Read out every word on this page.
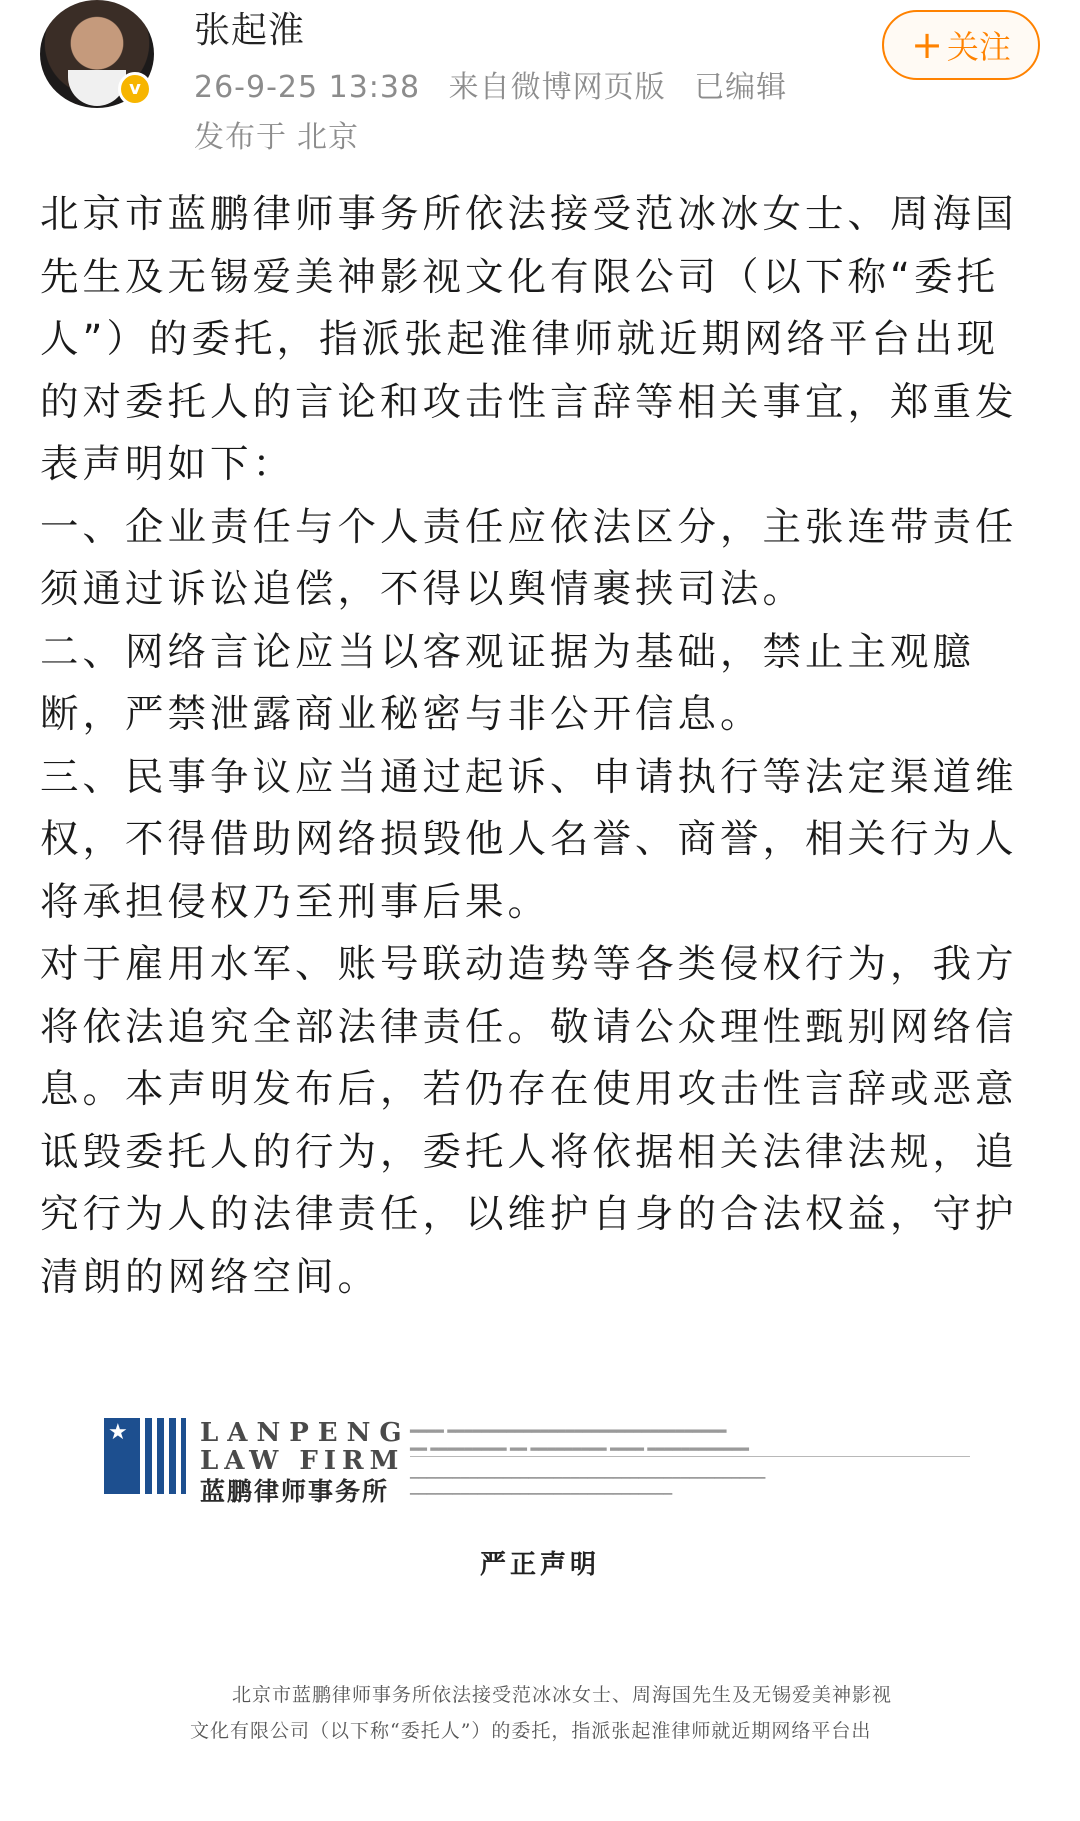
v
张起淮
26-9-25 13:38 来自微博网页版 已编辑
发布于 北京
+ 关注

北京市蓝鹏律师事务所依法接受范冰冰女士、周海国先生及无锡爱美神影视文化有限公司（以下称“委托人”）的委托，指派张起淮律师就近期网络平台出现的对委托人的言论和攻击性言辞等相关事宜，郑重发表声明如下：

一、企业责任与个人责任应依法区分，主张连带责任须通过诉讼追偿，不得以舆情裹挟司法。

二、网络言论应当以客观证据为基础，禁止主观臆断，严禁泄露商业秘密与非公开信息。

三、民事争议应当通过起诉、申请执行等法定渠道维权，不得借助网络损毁他人名誉、商誉，相关行为人将承担侵权乃至刑事后果。

对于雇用水军、账号联动造势等各类侵权行为，我方将依法追究全部法律责任。敬请公众理性甄别网络信息。本声明发布后，若仍存在使用攻击性言辞或恶意诋毁委托人的行为，委托人将依据相关法律法规，追究行为人的法律责任，以维护自身的合法权益，守护清朗的网络空间。

★	LANPENG
LAW FIRM
蓝鹏律师事务所
▂▂▂▂ ▂▂▂▂▂▂▂▂▂▂▂▂▂▂▂▂▂▂▂▂▂▂▂▂▂▂▂▂▂▂▂▂▂
▂▂ ▂▂▂▂▂▂▂▂▂ ▂▂ ▂▂▂▂▂▂▂▂▂ ▂▂▂▂ ▂▂▂▂▂▂▂▂▂▂▂▂
▁▁▁▁▁▁▁▁▁▁▁▁▁▁▁▁▁▁▁▁▁▁▁▁▁▁▁▁▁▁▁▁▁▁▁▁▁▁▁▁▁▁
▁▁▁▁▁▁▁▁▁▁▁▁▁▁▁▁▁▁▁▁▁▁▁▁▁▁▁▁▁▁▁
严正声明
北京市蓝鹏律师事务所依法接受范冰冰女士、周海国先生及无锡爱美神影视
文化有限公司（以下称“委托人”）的委托，指派张起淮律师就近期网络平台出
